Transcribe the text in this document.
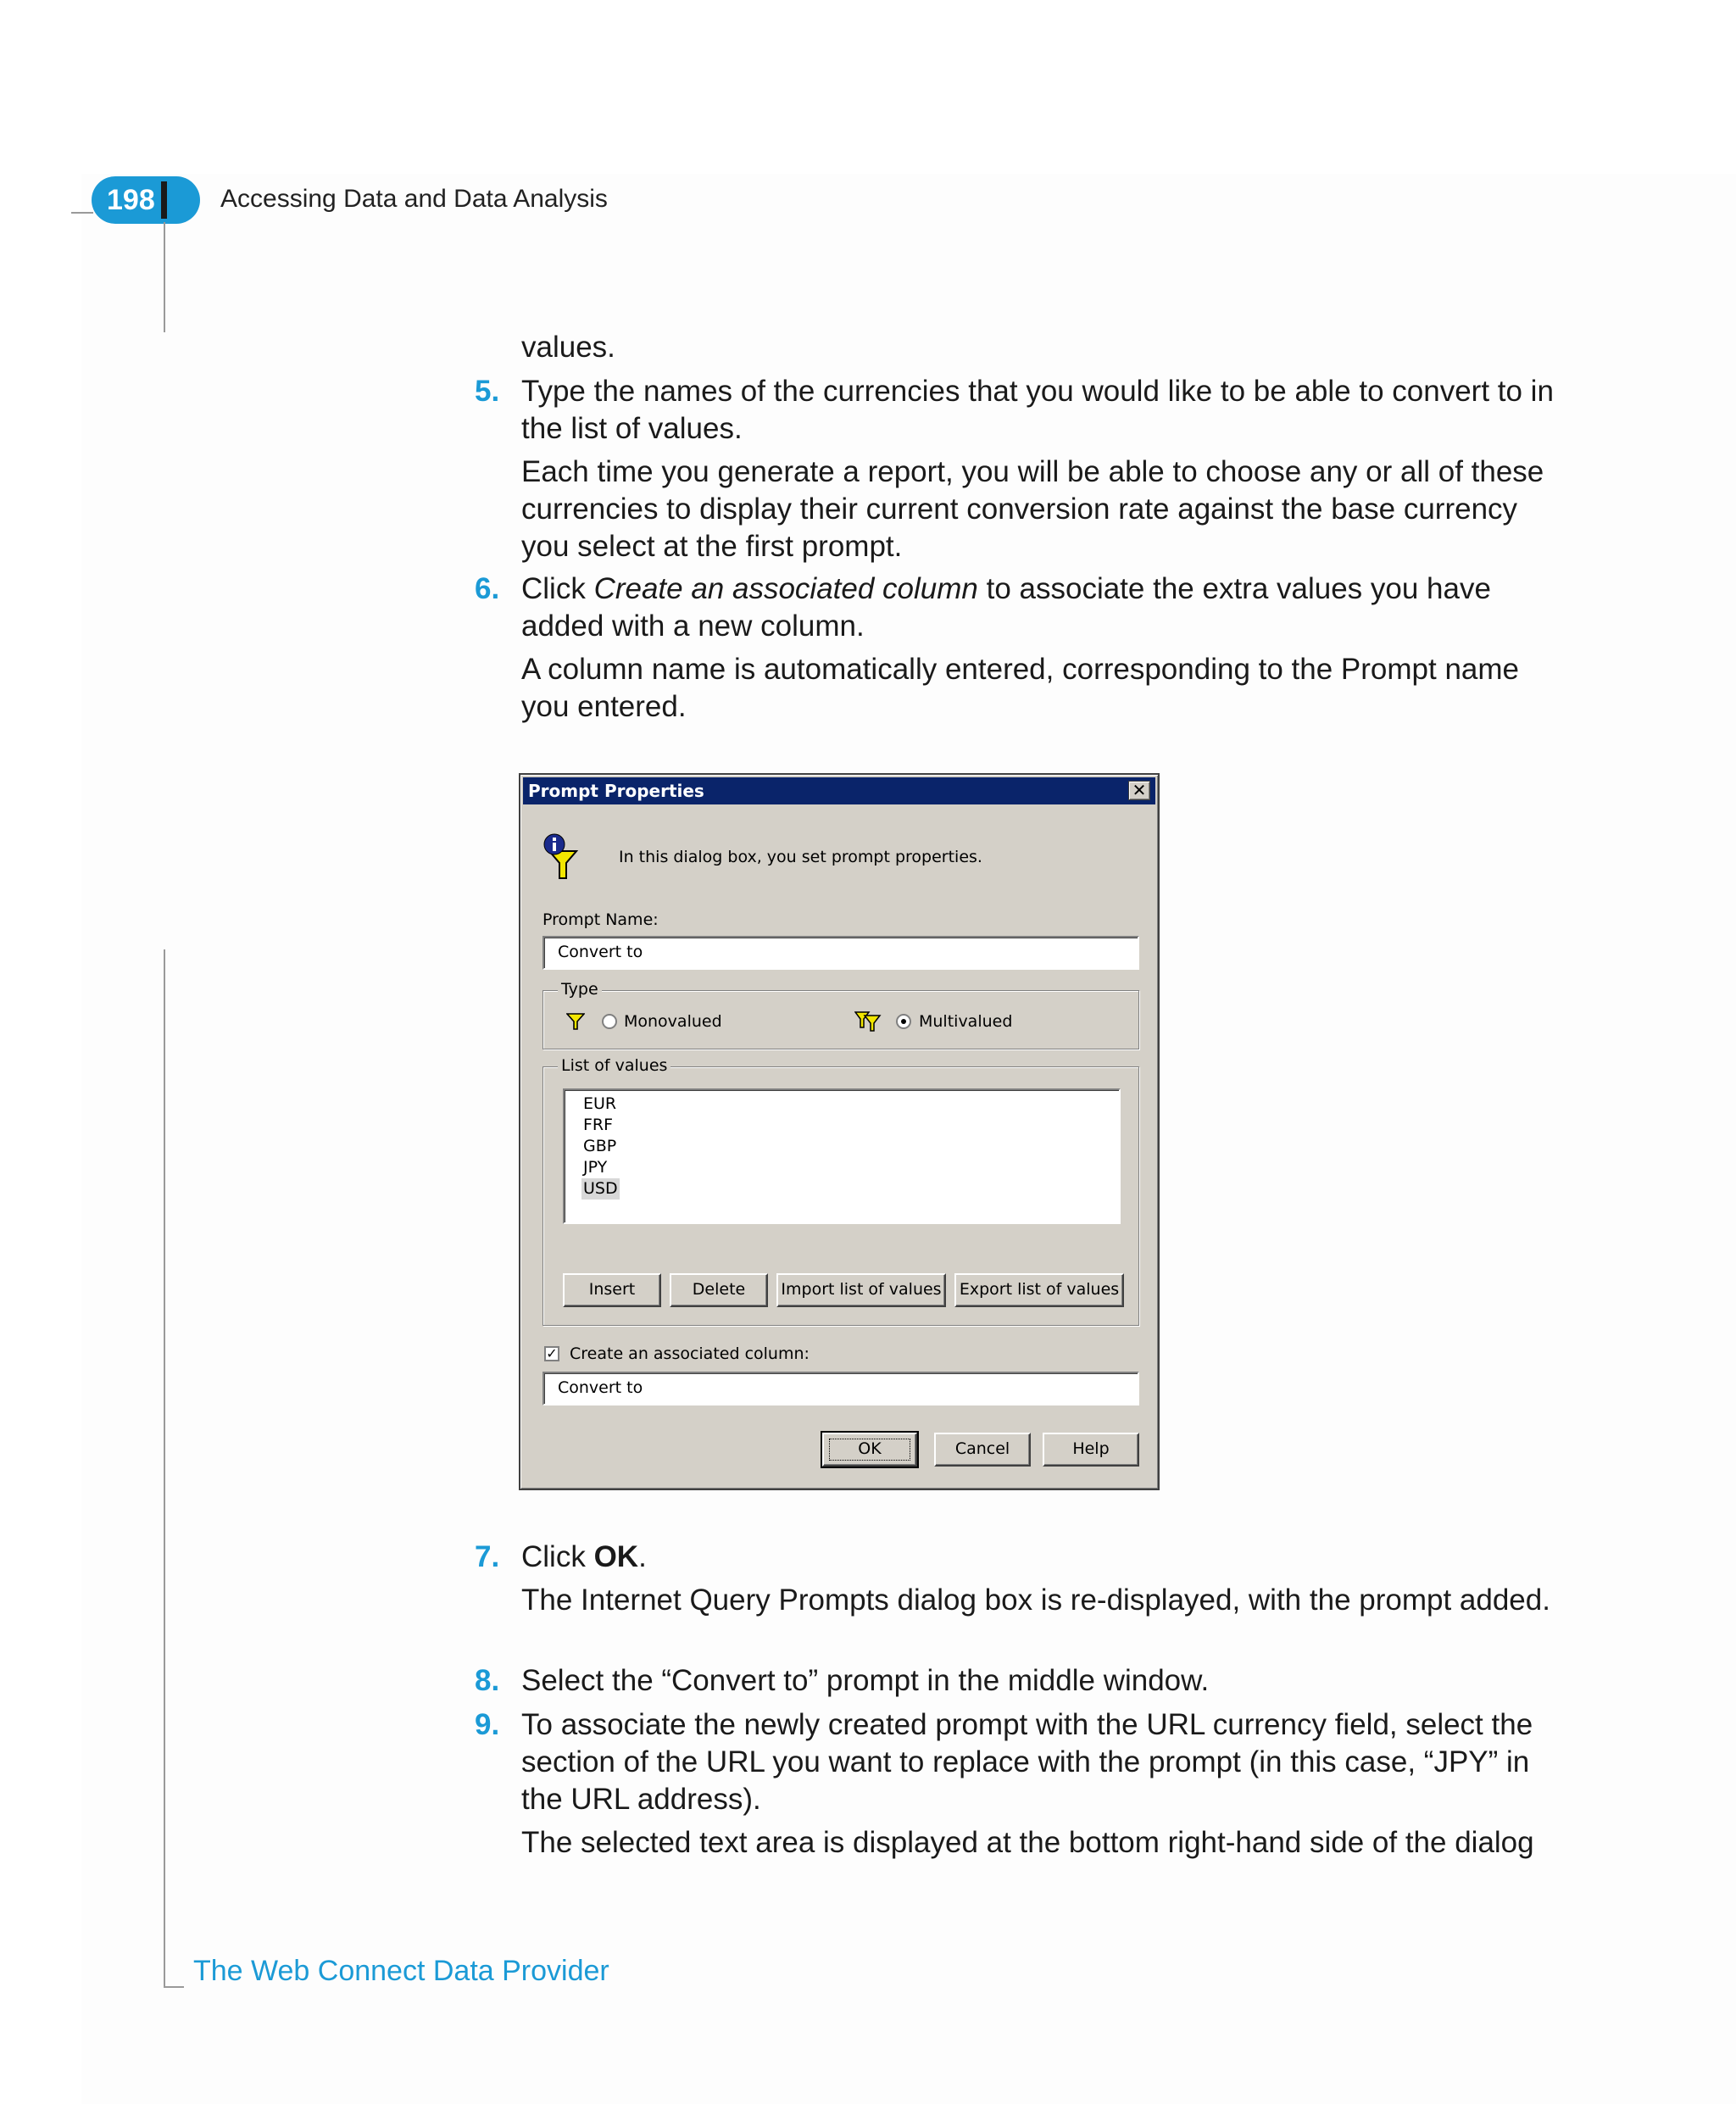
198	Accessing Data and Data Analysis
values.
5. Type the names of the currencies that you would like to be able to convert to in the list of values.
Each time you generate a report, you will be able to choose any or all of these currencies to display their current conversion rate against the base currency you select at the first prompt.
6. Click Create an associated column to associate the extra values you have added with a new column.
A column name is automatically entered, corresponding to the Prompt name you entered.
Prompt Properties	✕
In this dialog box, you set prompt properties.
Prompt Name:
Convert to
Type
Monovalued	Multivalued
List of values
EUR
FRF
GBP
JPY
USD
Insert	Delete	Import list of values	Export list of values
✓ Create an associated column:
Convert to
OK	Cancel	Help
7. Click OK.
The Internet Query Prompts dialog box is re-displayed, with the prompt added.
8. Select the “Convert to” prompt in the middle window.
9. To associate the newly created prompt with the URL currency field, select the section of the URL you want to replace with the prompt (in this case, “JPY” in the URL address).
The selected text area is displayed at the bottom right-hand side of the dialog
The Web Connect Data Provider
